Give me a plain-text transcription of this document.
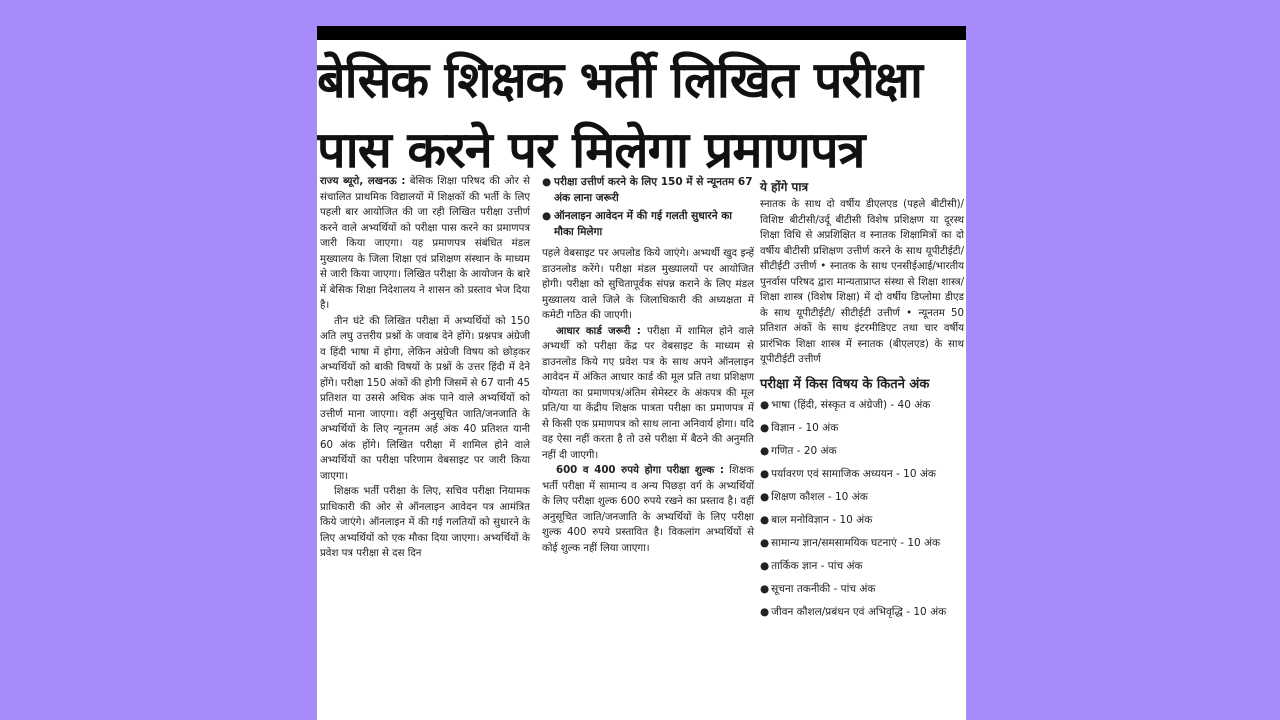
बेसिक शिक्षक भर्ती लिखित परीक्षा
पास करने पर मिलेगा प्रमाणपत्र

राज्य ब्यूरो, लखनऊ : बेसिक शिक्षा परिषद की ओर से संचालित प्राथमिक विद्यालयों में शिक्षकों की भर्ती के लिए पहली बार आयोजित की जा रही लिखित परीक्षा उत्तीर्ण करने वाले अभ्यर्थियों को परीक्षा पास करने का प्रमाणपत्र जारी किया जाएगा। यह प्रमाणपत्र संबंधित मंडल मुख्यालय के जिला शिक्षा एवं प्रशिक्षण संस्थान के माध्यम से जारी किया जाएगा। लिखित परीक्षा के आयोजन के बारे में बेसिक शिक्षा निदेशालय ने शासन को प्रस्ताव भेज दिया है।

तीन घंटे की लिखित परीक्षा में अभ्यर्थियों को 150 अति लघु उत्तरीय प्रश्नों के जवाब देने होंगे। प्रश्नपत्र अंग्रेजी व हिंदी भाषा में होगा, लेकिन अंग्रेजी विषय को छोड़कर अभ्यर्थियों को बाकी विषयों के प्रश्नों के उत्तर हिंदी में देने होंगे। परीक्षा 150 अंकों की होगी जिसमें से 67 यानी 45 प्रतिशत या उससे अधिक अंक पाने वाले अभ्यर्थियों को उत्तीर्ण माना जाएगा। वहीं अनुसूचित जाति/जनजाति के अभ्यर्थियों के लिए न्यूनतम अर्ह अंक 40 प्रतिशत यानी 60 अंक होंगे। लिखित परीक्षा में शामिल होने वाले अभ्यर्थियों का परीक्षा परिणाम वेबसाइट पर जारी किया जाएगा।

शिक्षक भर्ती परीक्षा के लिए, सचिव परीक्षा नियामक प्राधिकारी की ओर से ऑनलाइन आवेदन पत्र आमंत्रित किये जाएंगे। ऑनलाइन में की गई गलतियों को सुधारने के लिए अभ्यर्थियों को एक मौका दिया जाएगा। अभ्यर्थियों के प्रवेश पत्र परीक्षा से दस दिन

● परीक्षा उत्तीर्ण करने के लिए 150 में से न्यूनतम 67 अंक लाना जरूरी
● ऑनलाइन आवेदन में की गई गलती सुधारने का मौका मिलेगा

पहले वेबसाइट पर अपलोड किये जाएंगे। अभ्यर्थी खुद इन्हें डाउनलोड करेंगे। परीक्षा मंडल मुख्यालयों पर आयोजित होगी। परीक्षा को सुचितापूर्वक संपन्न कराने के लिए मंडल मुख्यालय वाले जिले के जिलाधिकारी की अध्यक्षता में कमेटी गठित की जाएगी।

आधार कार्ड जरूरी : परीक्षा में शामिल होने वाले अभ्यर्थी को परीक्षा केंद्र पर वेबसाइट के माध्यम से डाउनलोड किये गए प्रवेश पत्र के साथ अपने ऑनलाइन आवेदन में अंकित आधार कार्ड की मूल प्रति तथा प्रशिक्षण योग्यता का प्रमाणपत्र/अंतिम सेमेस्टर के अंकपत्र की मूल प्रति/या या केंद्रीय शिक्षक पात्रता परीक्षा का प्रमाणपत्र में से किसी एक प्रमाणपत्र को साथ लाना अनिवार्य होगा। यदि वह ऐसा नहीं करता है तो उसे परीक्षा में बैठने की अनुमति नहीं दी जाएगी।

600 व 400 रुपये होगा परीक्षा शुल्क : शिक्षक भर्ती परीक्षा में सामान्य व अन्य पिछड़ा वर्ग के अभ्यर्थियों के लिए परीक्षा शुल्क 600 रुपये रखने का प्रस्ताव है। वहीं अनुसूचित जाति/जनजाति के अभ्यर्थियों के लिए परीक्षा शुल्क 400 रुपये प्रस्तावित है। विकलांग अभ्यर्थियों से कोई शुल्क नहीं लिया जाएगा।

ये होंगे पात्र

स्नातक के साथ दो वर्षीय डीएलएड (पहले बीटीसी)/विशिष्ट बीटीसी/उर्दू बीटीसी विशेष प्रशिक्षण या दूरस्थ शिक्षा विधि से अप्रशिक्षित व स्नातक शिक्षामित्रों का दो वर्षीय बीटीसी प्रशिक्षण उत्तीर्ण करने के साथ यूपीटीईटी/सीटीईटी उत्तीर्ण • स्नातक के साथ एनसीईआई/भारतीय पुनर्वास परिषद द्वारा मान्यताप्राप्त संस्था से शिक्षा शास्त्र/शिक्षा शास्त्र (विशेष शिक्षा) में दो वर्षीय डिप्लोमा डीएड के साथ यूपीटीईटी/ सीटीईटी उत्तीर्ण • न्यूनतम 50 प्रतिशत अंकों के साथ इंटरमीडिएट तथा चार वर्षीय प्रारंभिक शिक्षा शास्त्र में स्नातक (बीएलएड) के साथ यूपीटीईटी उत्तीर्ण

परीक्षा में किस विषय के कितने अंक
● भाषा (हिंदी, संस्कृत व अंग्रेजी) - 40 अंक
● विज्ञान - 10 अंक
● गणित - 20 अंक
● पर्यावरण एवं सामाजिक अध्ययन - 10 अंक
● शिक्षण कौशल - 10 अंक
● बाल मनोविज्ञान - 10 अंक
● सामान्य ज्ञान/समसामयिक घटनाएं - 10 अंक
● तार्किक ज्ञान - पांच अंक
● सूचना तकनीकी - पांच अंक
● जीवन कौशल/प्रबंधन एवं अभिवृद्धि - 10 अंक
